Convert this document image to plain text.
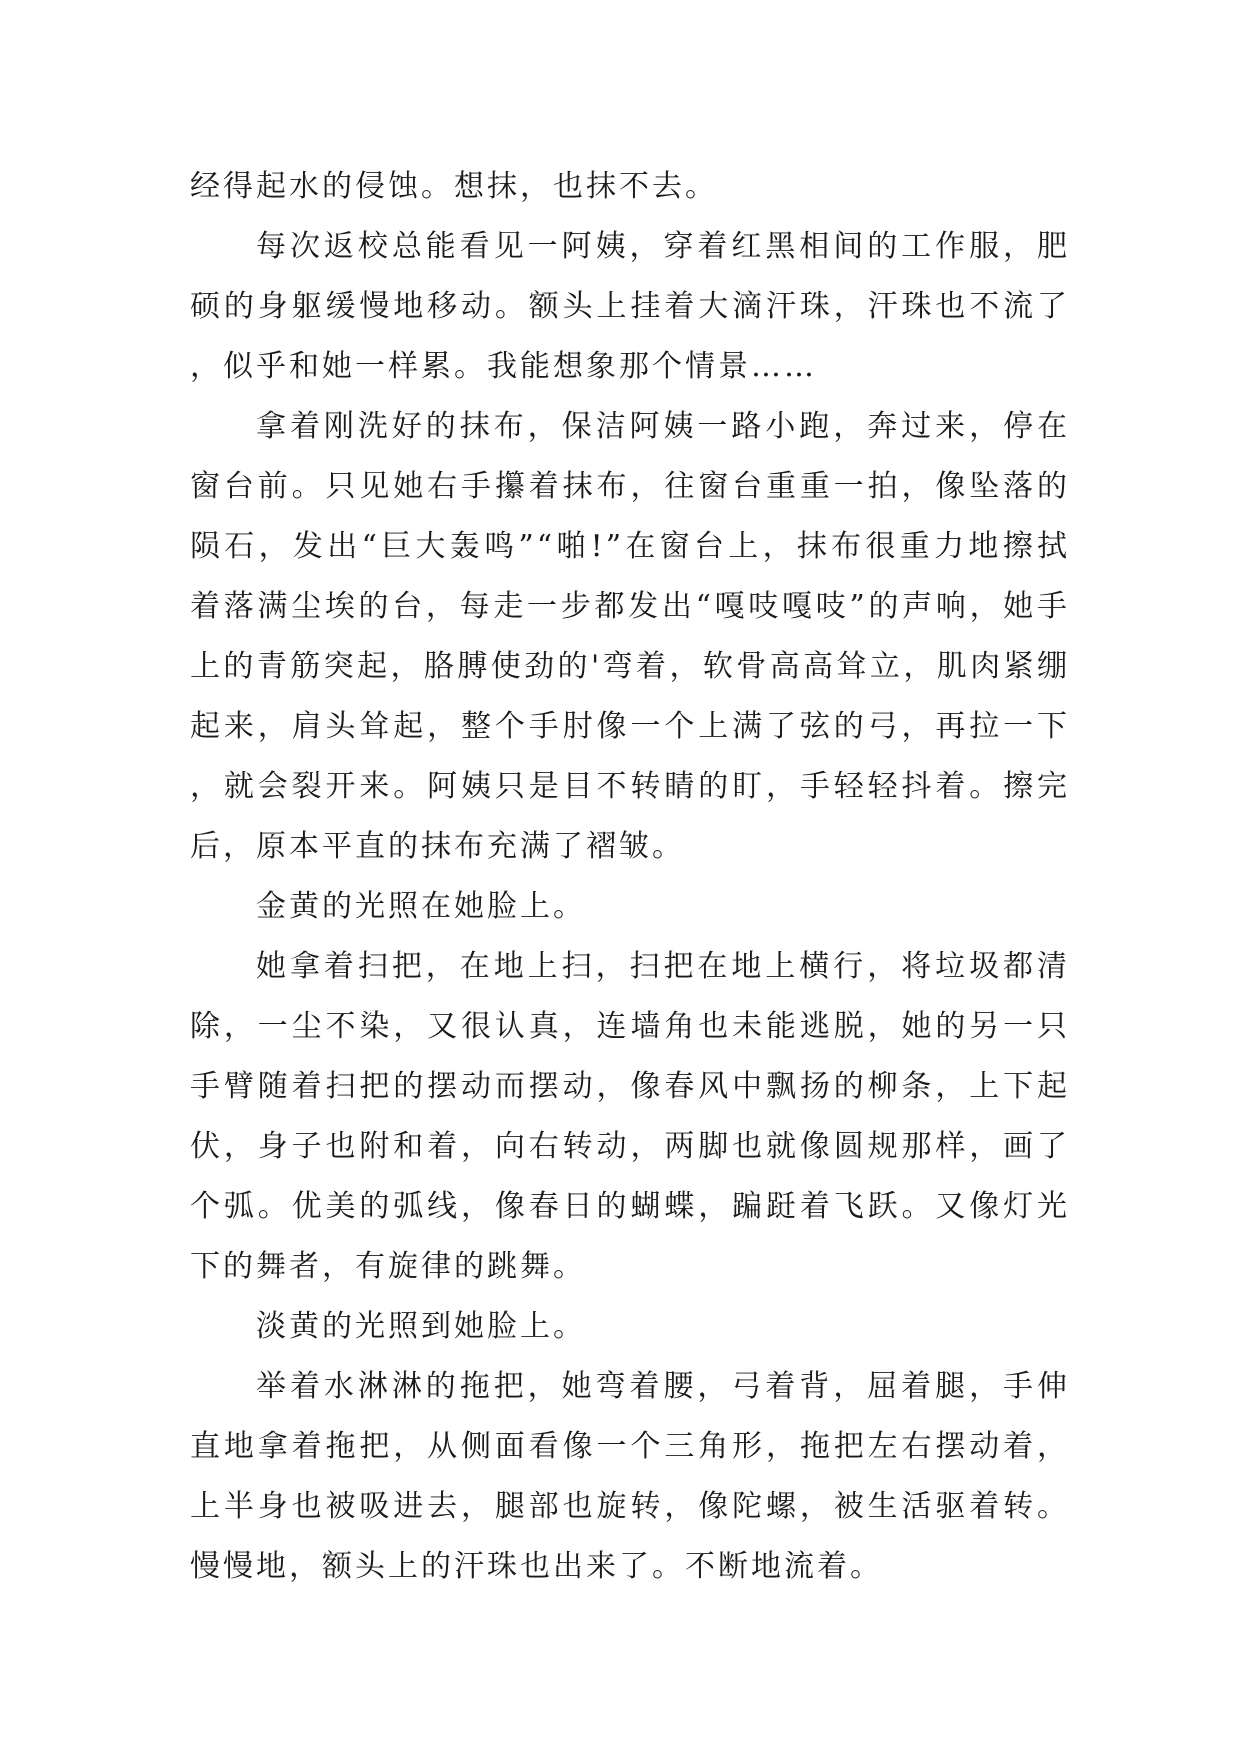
经得起水的侵蚀。想抹，也抹不去。

每次返校总能看见一阿姨，穿着红黑相间的工作服，肥硕的身躯缓慢地移动。额头上挂着大滴汗珠，汗珠也不流了，似乎和她一样累。我能想象那个情景……

拿着刚洗好的抹布，保洁阿姨一路小跑，奔过来，停在窗台前。只见她右手攥着抹布，往窗台重重一拍，像坠落的陨石，发出“巨大轰鸣”“啪!”在窗台上，抹布很重力地擦拭着落满尘埃的台，每走一步都发出“嘎吱嘎吱”的声响，她手上的青筋突起，胳膊使劲的'弯着，软骨高高耸立，肌肉紧绷起来，肩头耸起，整个手肘像一个上满了弦的弓，再拉一下，就会裂开来。阿姨只是目不转睛的盯，手轻轻抖着。擦完后，原本平直的抹布充满了褶皱。

金黄的光照在她脸上。

她拿着扫把，在地上扫，扫把在地上横行，将垃圾都清除，一尘不染，又很认真，连墙角也未能逃脱，她的另一只手臂随着扫把的摆动而摆动，像春风中飘扬的柳条，上下起伏，身子也附和着，向右转动，两脚也就像圆规那样，画了个弧。优美的弧线，像春日的蝴蝶，蹁跹着飞跃。又像灯光下的舞者，有旋律的跳舞。

淡黄的光照到她脸上。

举着水淋淋的拖把，她弯着腰，弓着背，屈着腿，手伸直地拿着拖把，从侧面看像一个三角形，拖把左右摆动着，上半身也被吸进去，腿部也旋转，像陀螺，被生活驱着转。慢慢地，额头上的汗珠也出来了。不断地流着。
